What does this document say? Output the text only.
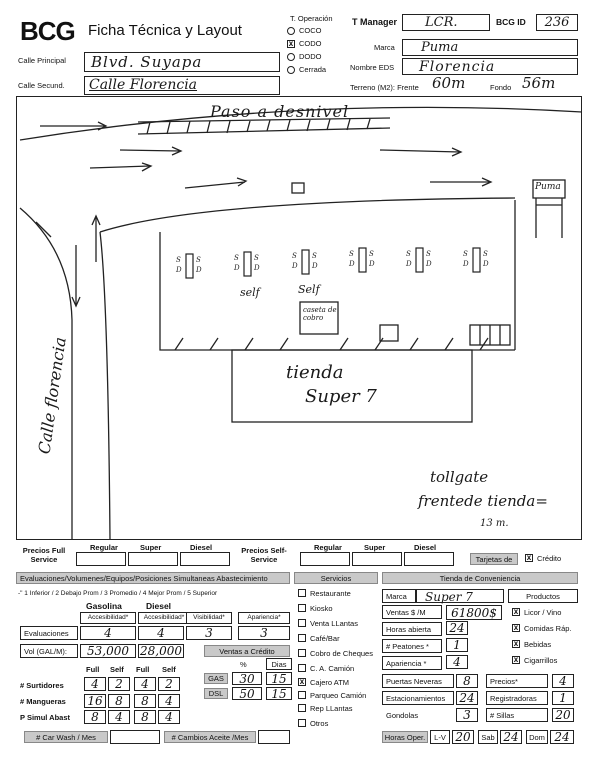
BCG Ficha Técnica y Layout
T. Operación
COCO
x CODO
DODO
Cerrada
T Manager	LCR.	BCG ID	236
Calle Principal	Blvd. Suyapa
Calle Secund.	Calle Florencia
Marca	Puma
Nombre EDS	Florencia
Terreno (M2): Frente 60m	Fondo 56m
S S
D D
S S
D D
S S
D D
S S
D D
S S
D D
S S
D D
Paso a desnivel
Puma
self	Self
caseta de cobro
tienda
Super 7
Calle florencia
tollgate
frentede tienda=
13 m.
Precios Full Service
Regular	Super	Diesel	Precios Self-Service
Regular	Super	Diesel
Tarjetas de	x Crédito
Evaluaciones/Volumenes/Equipos/Posiciones Simultaneas Abastecimiento	Servicios	Tienda de Conveniencia
-" 1 Inferior / 2 Debajo Prom / 3 Promedio / 4 Mejor Prom / 5 Superior
Gasolina	Diesel
Accesibilidad*	Accesibilidad*	Visibilidad*	Apariencia*
Evaluaciones	4	4	3	3
Vol (GAL/M):	53,000 28,000	Ventas a Crédito
%	Dias
GAS	30	15
DSL	50	15
Full Self Full Self
# Surtidores	4	2	4	2
# Mangueras 16	8	8	4
P Simul Abast	8	4	8	4
# Car Wash / Mes	# Cambios Aceite /Mes
Restaurante
Kiosko
Venta LLantas
Café/Bar
Cobro de Cheques
C. A. Camión
x Cajero ATM
Parqueo Camión
Rep LLantas
Otros
Marca	Super 7	Productos
Ventas $ /M	61800$
Horas abierta	24
# Peatones *	1
Apariencia *	4
x Licor / Vino
x Comidas Ráp.
x Bebidas
x Cigarrillos
Puertas Neveras	8	Precios*	4
Estacionamientos	24	Registradoras	1
Gondolas	3	# Sillas	20
Horas Oper.	L-V 20	Sab 24	Dom 24
